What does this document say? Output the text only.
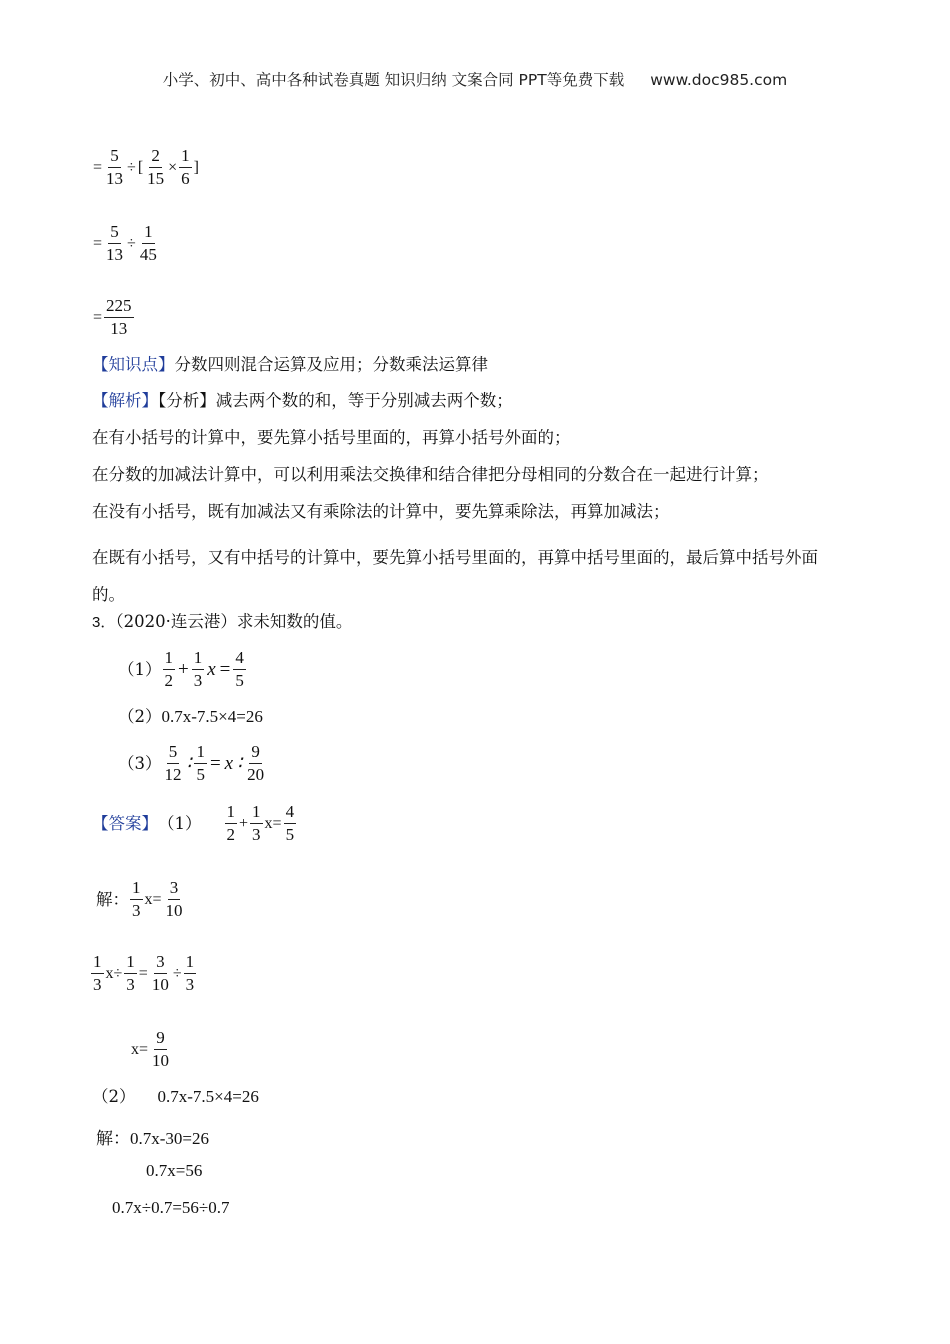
小学、初中、高中各种试卷真题 知识归纳 文案合同 PPT等免费下载 www.doc985.com
= $\frac{5}{13}$ ÷ [ $\frac{2}{15} \times \frac{1}{6}$ ]
= $\frac{5}{13} \div \frac{1}{45}$
= $\frac{225}{13}$
【知识点】分数四则混合运算及应用；分数乘法运算律
【解析】【分析】减去两个数的和，等于分别减去两个数；
在有小括号的计算中，要先算小括号里面的，再算小括号外面的；
在分数的加减法计算中，可以利用乘法交换律和结合律把分母相同的分数合在一起进行计算；
在没有小括号，既有加减法又有乘除法的计算中，要先算乘除法，再算加减法；
在既有小括号，又有中括号的计算中，要先算小括号里面的，再算中括号里面的，最后算中括号外面的。
3．（2020·连云港）求未知数的值。
$(1) \frac{1}{2} + \frac{1}{3}$ $x = \frac{4}{5}$
（2） 0.7x-7.5×4=26
$(3) \frac{5}{12}$ ∶ $\frac{1}{5} = x$ ∶ $\frac{9}{20}$
【答案】 $(1) \frac{1}{2} + \frac{1}{3} x= \frac{4}{5}$
解： $\frac{1}{3} x= \frac{3}{10}$
$\frac{1}{3} x\div \frac{1}{3} = \frac{3}{10} \div \frac{1}{3}$
$x= \frac{9}{10}$
（2） 0.7x-7.5×4=26
解：0.7x-30=26
0.7x=56
0.7x÷0.7=56÷0.7
